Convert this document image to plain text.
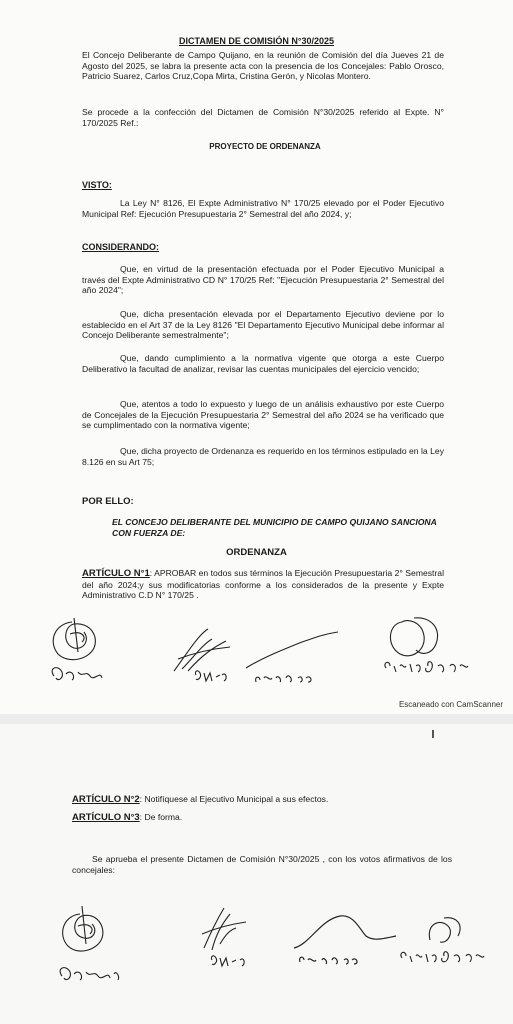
DICTAMEN DE COMISIÓN N°30/2025

El Concejo Deliberante de Campo Quijano, en la reunión de Comisión del día Jueves 21 de Agosto del 2025, se labra la presente acta con la presencia de los Concejales: Pablo Orosco, Patricio Suarez, Carlos Cruz,Copa Mirta, Cristina Gerón, y Nicolas Montero.

Se procede a la confección del Dictamen de Comisión N°30/2025 referido al Expte. N° 170/2025 Ref.:

PROYECTO DE ORDENANZA

VISTO:

La Ley N° 8126, El Expte Administrativo N° 170/25 elevado por el Poder Ejecutivo Municipal Ref: Ejecución Presupuestaria 2° Semestral del año 2024, y;

CONSIDERANDO:

Que, en virtud de la presentación efectuada por el Poder Ejecutivo Municipal a través del Expte Administrativo CD N° 170/25 Ref: "Ejecución Presupuestaria 2° Semestral del año 2024";

Que, dicha presentación elevada por el Departamento Ejecutivo deviene por lo establecido en el Art 37 de la Ley 8126 "El Departamento Ejecutivo Municipal debe informar al Concejo Deliberante semestralmente";

Que, dando cumplimiento a la normativa vigente que otorga a este Cuerpo Deliberativo la facultad de analizar, revisar las cuentas municipales del ejercicio vencido;

Que, atentos a todo lo expuesto y luego de un análisis exhaustivo por este Cuerpo de Concejales de la Ejecución Presupuestaria 2° Semestral del año 2024 se ha verificado que se cumplimentado con la normativa vigente;

Que, dicha proyecto de Ordenanza es requerido en los términos estipulado en la Ley 8.126 en su Art 75;

POR ELLO:

EL CONCEJO DELIBERANTE DEL MUNICIPIO DE CAMPO QUIJANO SANCIONA CON FUERZA DE:

ORDENANZA

ARTÍCULO N°1: APROBAR en todos sus términos la Ejecución Presupuestaria 2° Semestral del año 2024;y sus modificatorias conforme a los considerados de la presente y Expte Administrativo C.D N° 170/25 .

Escaneado con CamScanner

ARTÍCULO N°2: Notifíquese al Ejecutivo Municipal a sus efectos.

ARTÍCULO N°3: De forma.

Se aprueba el presente Dictamen de Comisión N°30/2025 , con los votos afirmativos de los concejales:
